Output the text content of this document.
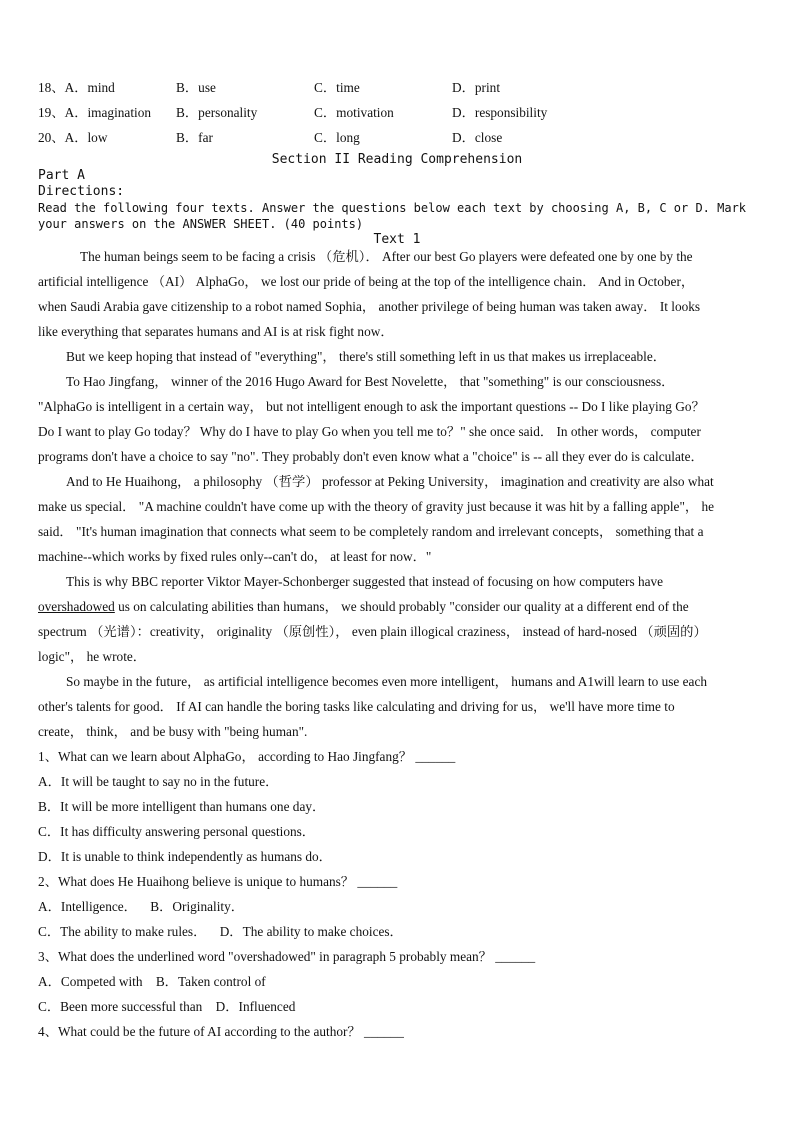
18、A．mind	B．use	C．time	D．print
19、A．imagination B．personality	C．motivation	D．responsibility
20、A．low	B．far	C．long	D．close
Section II Reading Comprehension
Part A
Directions:
Read the following four texts. Answer the questions below each text by choosing A, B, C or D. Mark
your answers on the ANSWER SHEET. (40 points)
Text 1
The human beings seem to be facing a crisis （危机）． After our best Go players were defeated one by one by the
artificial intelligence （AI） AlphaGo， we lost our pride of being at the top of the intelligence chain． And in October，
when Saudi Arabia gave citizenship to a robot named Sophia， another privilege of being human was taken away． It looks
like everything that separates humans and AI is at risk fight now．
But we keep hoping that instead of "everything"， there's still something left in us that makes us irreplaceable．
To Hao Jingfang， winner of the 2016 Hugo Award for Best Novelette， that "something" is our consciousness．
"AlphaGo is intelligent in a certain way， but not intelligent enough to ask the important questions -- Do I like playing Go？
Do I want to play Go today？ Why do I have to play Go when you tell me to？" she once said． In other words， computer
programs don't have a choice to say "no". They probably don't even know what a "choice" is -- all they ever do is calculate．
And to He Huaihong， a philosophy （哲学） professor at Peking University， imagination and creativity are also what
make us special． "A machine couldn't have come up with the theory of gravity just because it was hit by a falling apple"， he
said． "It's human imagination that connects what seem to be completely random and irrelevant concepts， something that a
machine--which works by fixed rules only--can't do， at least for now．"
This is why BBC reporter Viktor Mayer-Schonberger suggested that instead of focusing on how computers have
overshadowed us on calculating abilities than humans， we should probably "consider our quality at a different end of the
spectrum （光谱）：creativity， originality （原创性）， even plain illogical craziness， instead of hard-nosed （顽固的）
logic"， he wrote．
So maybe in the future， as artificial intelligence becomes even more intelligent， humans and A1will learn to use each
other's talents for good． If AI can handle the boring tasks like calculating and driving for us， we'll have more time to
create， think， and be busy with "being human".
1、What can we learn about AlphaGo， according to Hao Jingfang？ ______
A．It will be taught to say no in the future．
B．It will be more intelligent than humans one day．
C．It has difficulty answering personal questions．
D．It is unable to think independently as humans do．
2、What does He Huaihong believe is unique to humans？ ______
A．Intelligence．    B．Originality．
C．The ability to make rules．    D．The ability to make choices．
3、What does the underlined word "overshadowed" in paragraph 5 probably mean？ ______
A．Competed with    B．Taken control of
C．Been more successful than    D．Influenced
4、What could be the future of AI according to the author？ ______
